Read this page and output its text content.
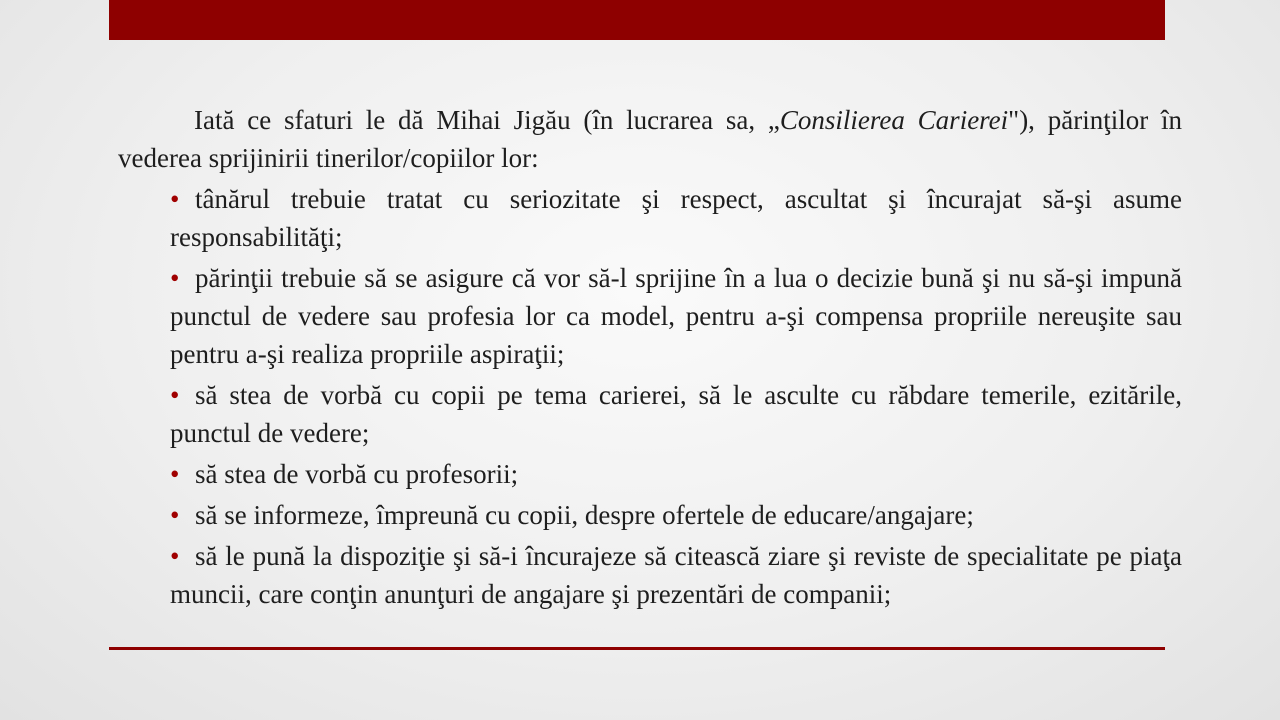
Iată ce sfaturi le dă Mihai Jigău (în lucrarea sa, „Consilierea Carierei"), părinţilor în vederea sprijinirii tinerilor/copiilor lor:

• tânărul trebuie tratat cu seriozitate şi respect, ascultat şi încurajat să-şi asume responsabilităţi;
• părinţii trebuie să se asigure că vor să-l sprijine în a lua o decizie bună şi nu să-şi impună punctul de vedere sau profesia lor ca model, pentru a-şi compensa propriile nereuşite sau pentru a-şi realiza propriile aspiraţii;
• să stea de vorbă cu copii pe tema carierei, să le asculte cu răbdare temerile, ezitările, punctul de vedere;
• să stea de vorbă cu profesorii;
• să se informeze, împreună cu copii, despre ofertele de educare/angajare;
• să le pună la dispoziţie şi să-i încurajeze să citească ziare şi reviste de specialitate pe piaţa muncii, care conţin anunţuri de angajare şi prezentări de companii;
